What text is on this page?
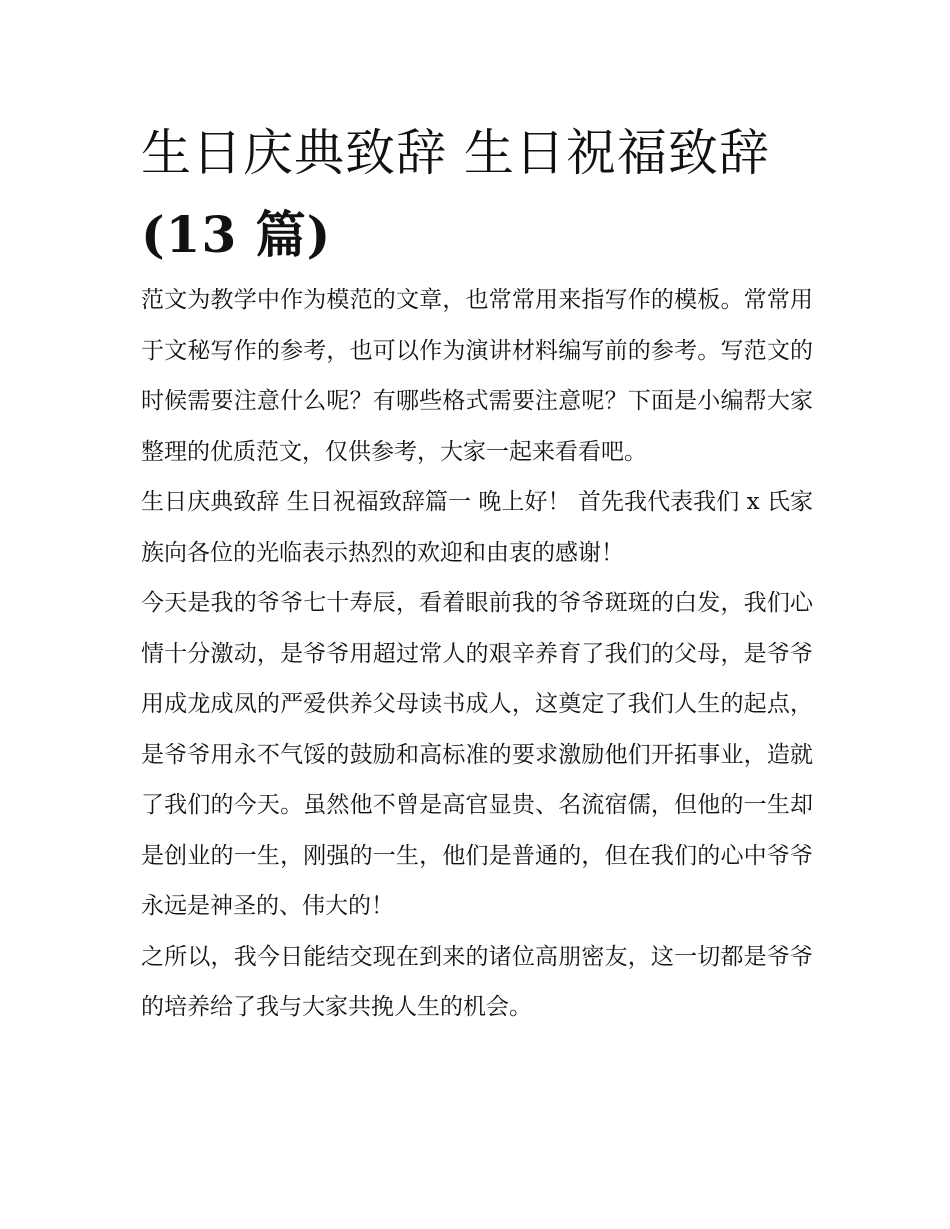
生日庆典致辞 生日祝福致辞
(13 篇)

范文为教学中作为模范的文章，也常常用来指写作的模板。常常用于文秘写作的参考，也可以作为演讲材料编写前的参考。写范文的时候需要注意什么呢？有哪些格式需要注意呢？下面是小编帮大家整理的优质范文，仅供参考，大家一起来看看吧。

生日庆典致辞 生日祝福致辞篇一 晚上好！ 首先我代表我们 x 氏家族向各位的光临表示热烈的欢迎和由衷的感谢！

今天是我的爷爷七十寿辰，看着眼前我的爷爷斑斑的白发，我们心情十分激动，是爷爷用超过常人的艰辛养育了我们的父母，是爷爷用成龙成凤的严爱供养父母读书成人，这奠定了我们人生的起点，是爷爷用永不气馁的鼓励和高标准的要求激励他们开拓事业，造就了我们的今天。虽然他不曾是高官显贵、名流宿儒，但他的一生却是创业的一生，刚强的一生，他们是普通的，但在我们的心中爷爷永远是神圣的、伟大的！

之所以，我今日能结交现在到来的诸位高朋密友，这一切都是爷爷的培养给了我与大家共挽人生的机会。
